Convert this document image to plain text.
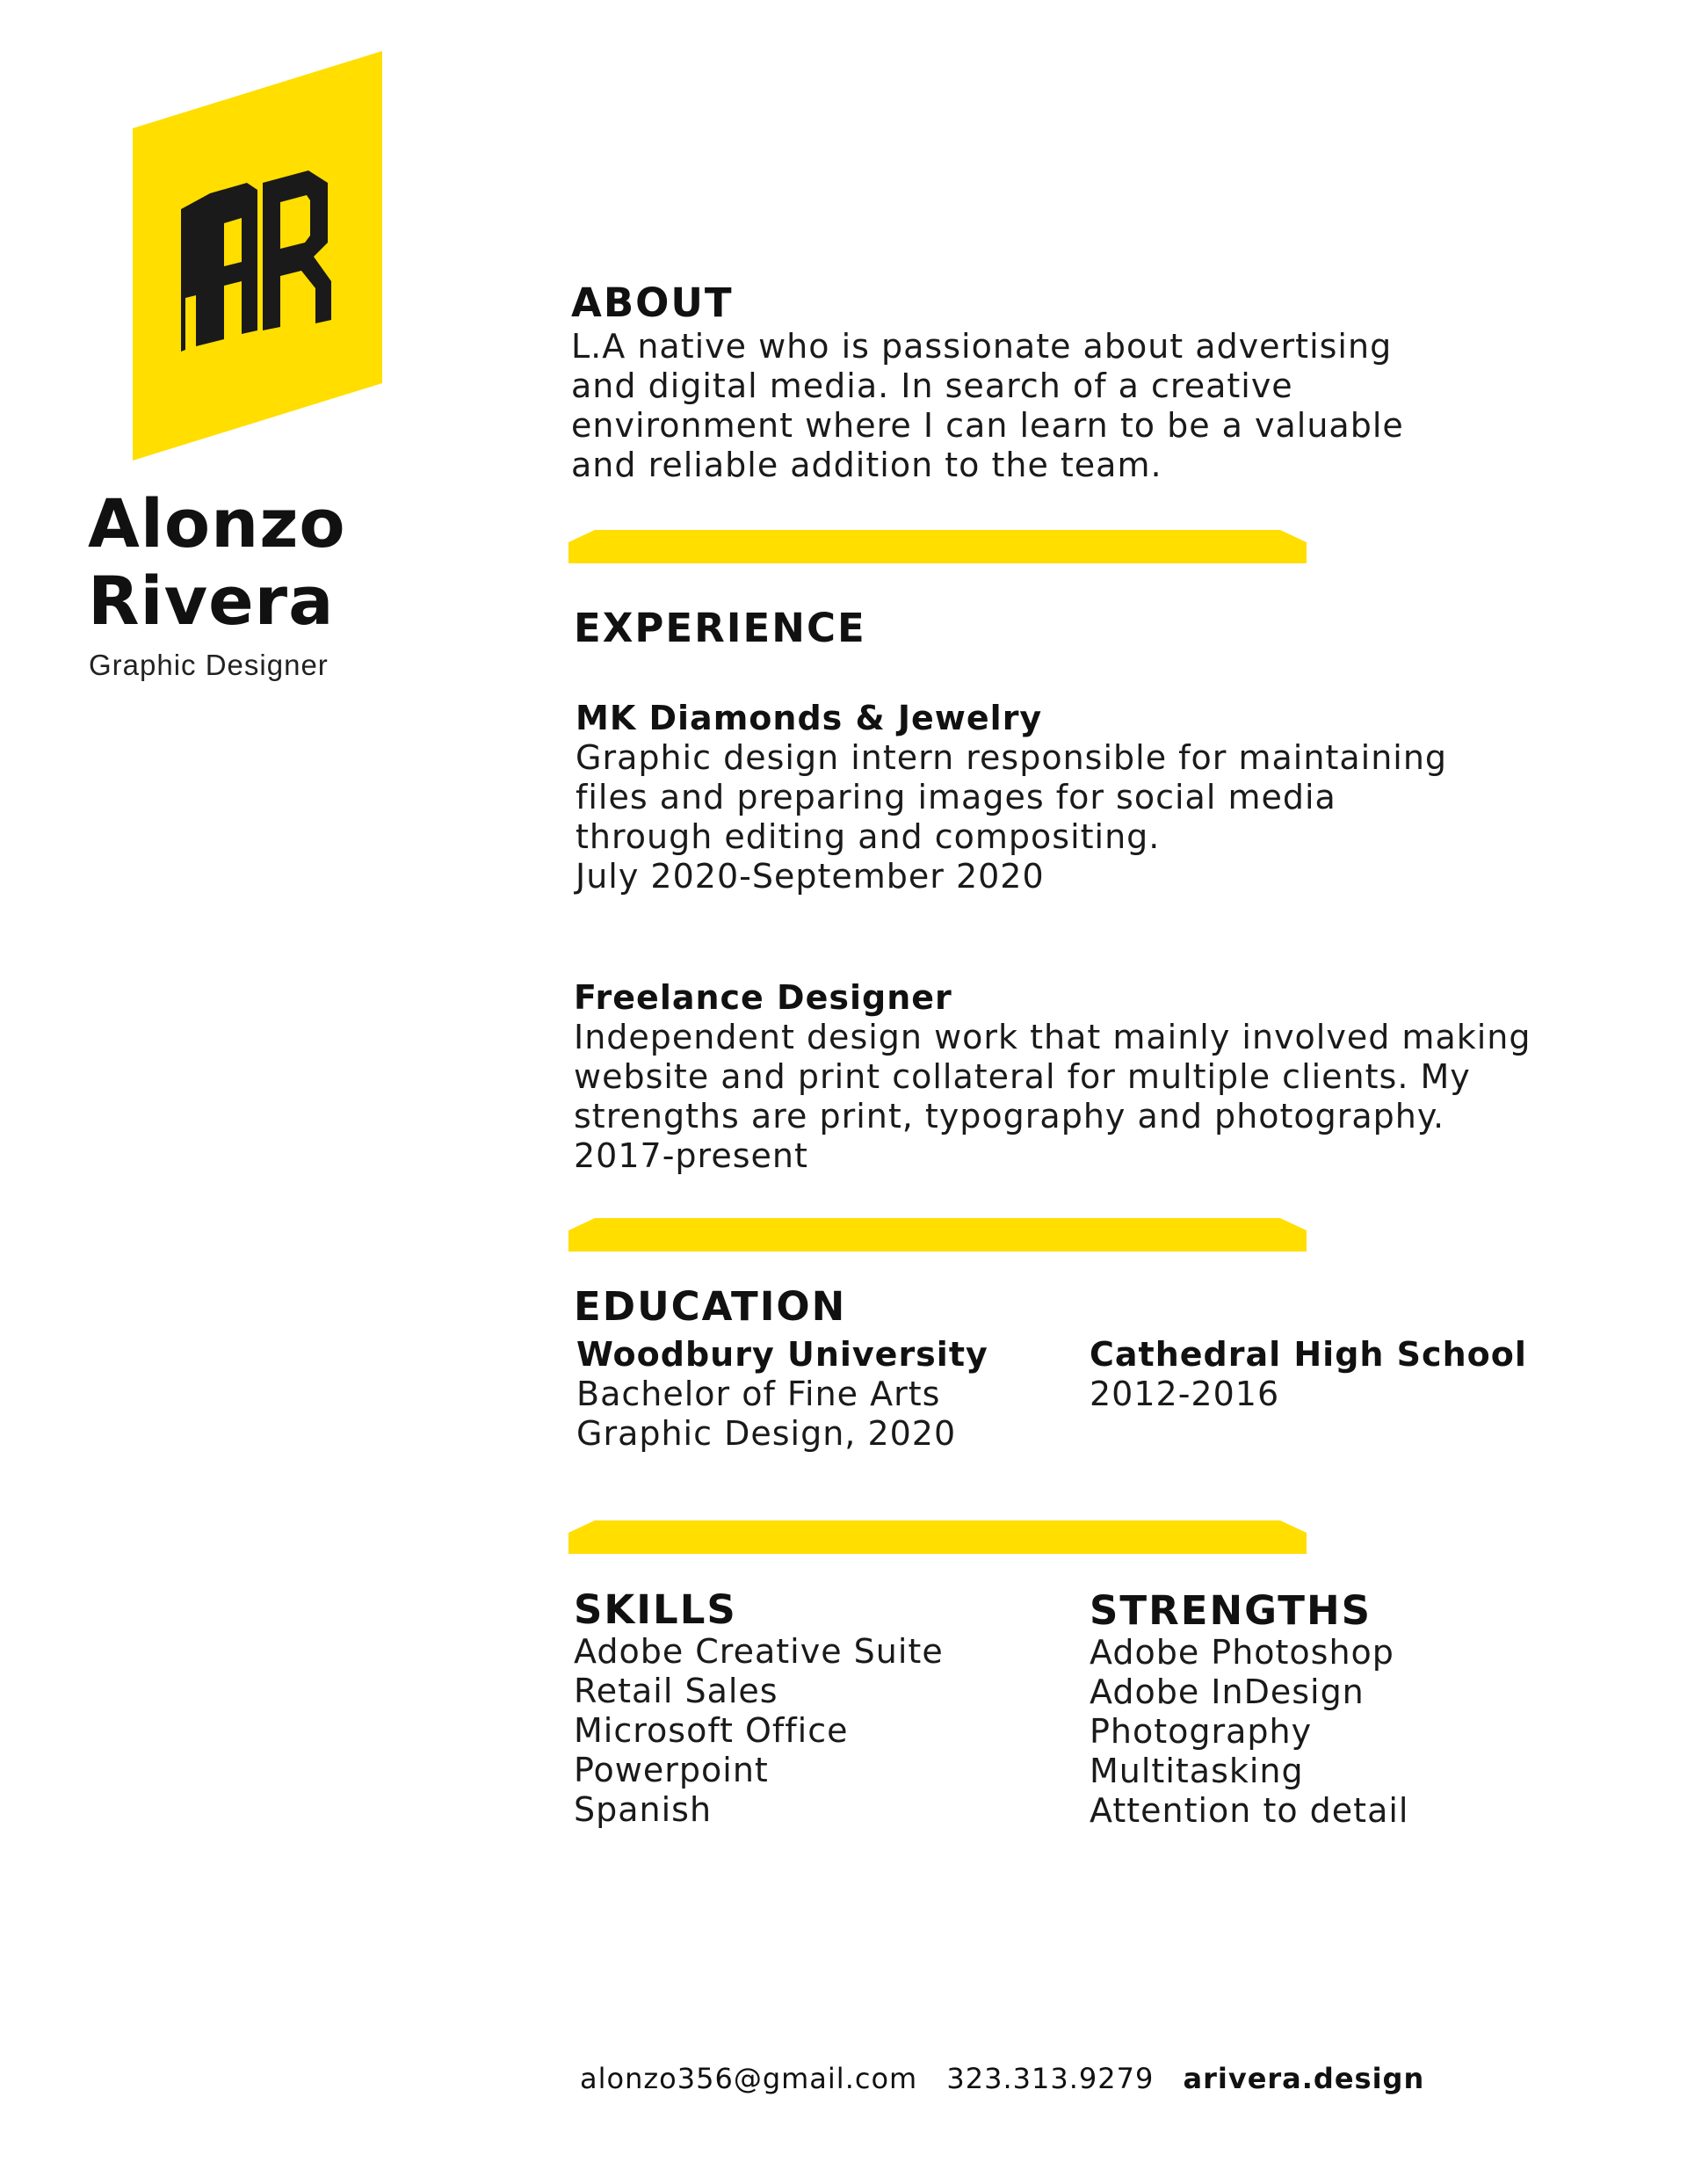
Alonzo
Rivera
Graphic Designer
ABOUT
L.A native who is passionate about advertising
and digital media. In search of a creative
environment where I can learn to be a valuable
and reliable addition to the team.
EXPERIENCE
MK Diamonds & Jewelry
Graphic design intern responsible for maintaining
files and preparing images for social media
through editing and compositing.
July 2020-September 2020
Freelance Designer
Independent design work that mainly involved making
website and print collateral for multiple clients. My
strengths are print, typography and photography.
2017-present
EDUCATION
Woodbury University
Bachelor of Fine Arts
Graphic Design, 2020
Cathedral High School
2012-2016
SKILLS
Adobe Creative Suite
Retail Sales
Microsoft Office
Powerpoint
Spanish
STRENGTHS
Adobe Photoshop
Adobe InDesign
Photography
Multitasking
Attention to detail
alonzo356@gmail.com 323.313.9279 arivera.design
